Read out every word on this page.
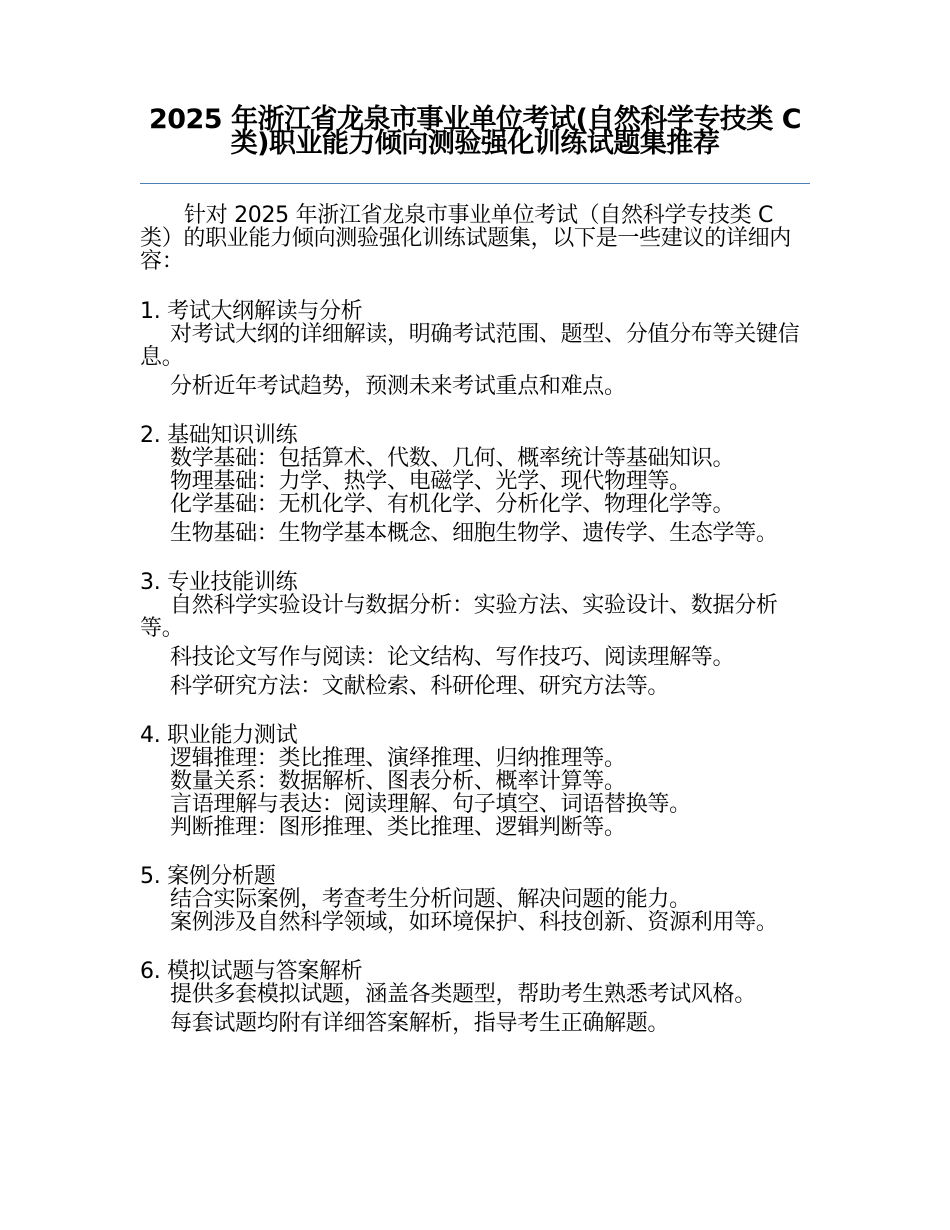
2025 年浙江省龙泉市事业单位考试(自然科学专技类 C 类)职业能力倾向测验强化训练试题集推荐

针对 2025 年浙江省龙泉市事业单位考试（自然科学专技类 C 类）的职业能力倾向测验强化训练试题集，以下是一些建议的详细内容：

1. 考试大纲解读与分析

对考试大纲的详细解读，明确考试范围、题型、分值分布等关键信息。

分析近年考试趋势，预测未来考试重点和难点。

2. 基础知识训练

数学基础：包括算术、代数、几何、概率统计等基础知识。

物理基础：力学、热学、电磁学、光学、现代物理等。

化学基础：无机化学、有机化学、分析化学、物理化学等。

生物基础：生物学基本概念、细胞生物学、遗传学、生态学等。

3. 专业技能训练

自然科学实验设计与数据分析：实验方法、实验设计、数据分析等。

科技论文写作与阅读：论文结构、写作技巧、阅读理解等。

科学研究方法：文献检索、科研伦理、研究方法等。

4. 职业能力测试

逻辑推理：类比推理、演绎推理、归纳推理等。

数量关系：数据解析、图表分析、概率计算等。

言语理解与表达：阅读理解、句子填空、词语替换等。

判断推理：图形推理、类比推理、逻辑判断等。

5. 案例分析题

结合实际案例，考查考生分析问题、解决问题的能力。

案例涉及自然科学领域，如环境保护、科技创新、资源利用等。

6. 模拟试题与答案解析

提供多套模拟试题，涵盖各类题型，帮助考生熟悉考试风格。

每套试题均附有详细答案解析，指导考生正确解题。
